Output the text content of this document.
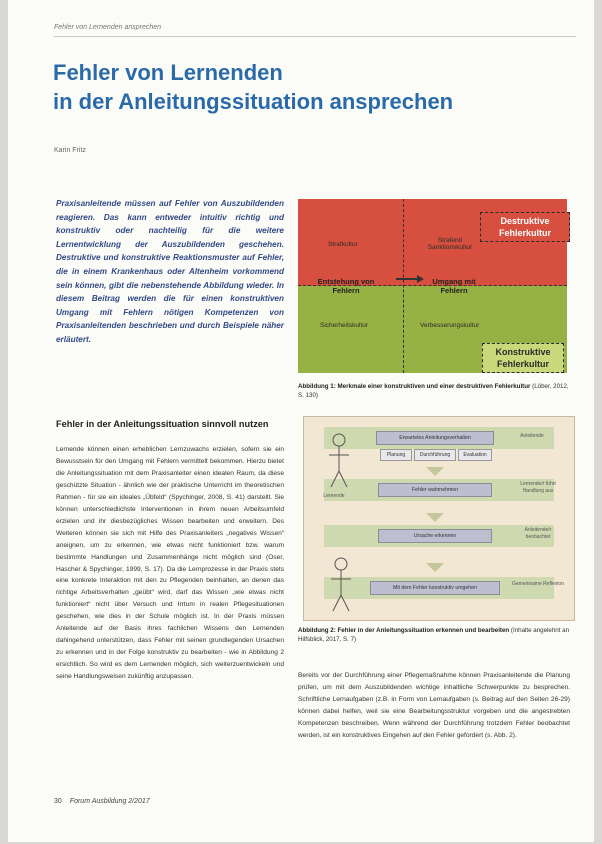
Fehler von Lernenden ansprechen
Fehler von Lernenden
in der Anleitungssituation ansprechen
Karin Fritz
Praxisanleitende müssen auf Fehler von Auszubildenden reagieren. Das kann entweder intuitiv richtig und konstruktiv oder nachteilig für die weitere Lernentwicklung der Auszubildenden geschehen. Destruktive und konstruktive Reaktionsmuster auf Fehler, die in einem Krankenhaus oder Altenheim vorkommend sein können, gibt die nebenstehende Abbildung wieder. In diesem Beitrag werden die für einen konstruktiven Umgang mit Fehlern nötigen Kompetenzen von Praxisanleitenden beschrieben und durch Beispiele näher erläutert.
Fehler in der Anleitungssituation sinnvoll nutzen
Lernende können einen erheblichen Lernzuwachs erzielen, sofern sie ein Bewusstsein für den Umgang mit Fehlern vermittelt bekommen. Hierzu bietet die Anleitungssituation mit dem Praxisanleiter einen idealen Raum, da diese geschützte Situation - ähnlich wie der praktische Unterricht im theoretischen Rahmen - für sie ein ideales „Übfeld“ (Spychinger, 2008, S. 41) darstellt. Sie können unterschiedlichste Interventionen in ihrem neuen Arbeitsumfeld erzielen und ihr diesbezügliches Wissen bearbeiten und erweitern. Des Weiteren können sie sich mit Hilfe des Praxisanleiters „negatives Wissen“ aneignen, um zu erkennen, wie etwas nicht funktioniert bzw. warum bestimmte Handlungen und Zusammenhänge nicht möglich sind (Oser, Hascher & Spychinger, 1999, S. 17). Da die Lernprozesse in der Praxis stets eine konkrete Interaktion mit den zu Pflegenden beinhalten, an denen das richtige Arbeitsverhalten „geübt“ wird, darf das Wissen „wie etwas nicht funktioniert“ nicht über Versuch und Irrtum in realen Pflegesituationen geschehen, wie dies in der Schule möglich ist. In der Praxis müssen Anleitende auf der Basis ihres fachlichen Wissens den Lernenden dahingehend unterstützen, dass Fehler mit seinen grundlegenden Ursachen zu erkennen und in der Folge konstruktiv zu bearbeiten - wie in Abbildung 2 ersichtlich. So wird es dem Lernenden möglich, sich weiterzuentwickeln und seine Handlungsweisen zukünftig anzupassen.
Strafkultur
Strafend Sanktionskultur
Sicherheitskultur	Verbesserungskultur
Entstehung von Fehlern
Umgang mit Fehlern
Destruktive Fehlerkultur
Konstruktive Fehlerkultur
Abbildung 1: Merkmale einer konstruktiven und einer destruktiven Fehlerkultur (Löber, 2012, S. 130)
Erwartetes Anleitungsverhalten
Planung	Durchführung	Evaluation
Fehler wahrnehmen
Ursache erkennen
Mit dem Fehler konstruktiv umgehen
Anleitende
Lernende
Lernende/r führt Handlung aus
Anleitende/r beobachtet
Gemeinsame Reflexion
Abbildung 2: Fehler in der Anleitungssituation erkennen und bearbeiten (Inhalte angelehnt an Hilfsblick, 2017, S. 7)
Bereits vor der Durchführung einer Pflegemaßnahme können Praxisanleitende die Planung prüfen, um mit dem Auszubildenden wichtige inhaltliche Schwerpunkte zu besprechen. Schriftliche Lernaufgaben (z.B. in Form von Lernaufgaben (s. Beitrag auf den Seiten 26-29) können dabei helfen, weil sie eine Bearbeitungsstruktur vorgeben und die angestrebten Kompetenzen beschreiben. Wenn während der Durchführung trotzdem Fehler beobachtet werden, ist ein konstruktives Eingehen auf den Fehler gefordert (s. Abb. 2).
30 Forum Ausbildung 2/2017
